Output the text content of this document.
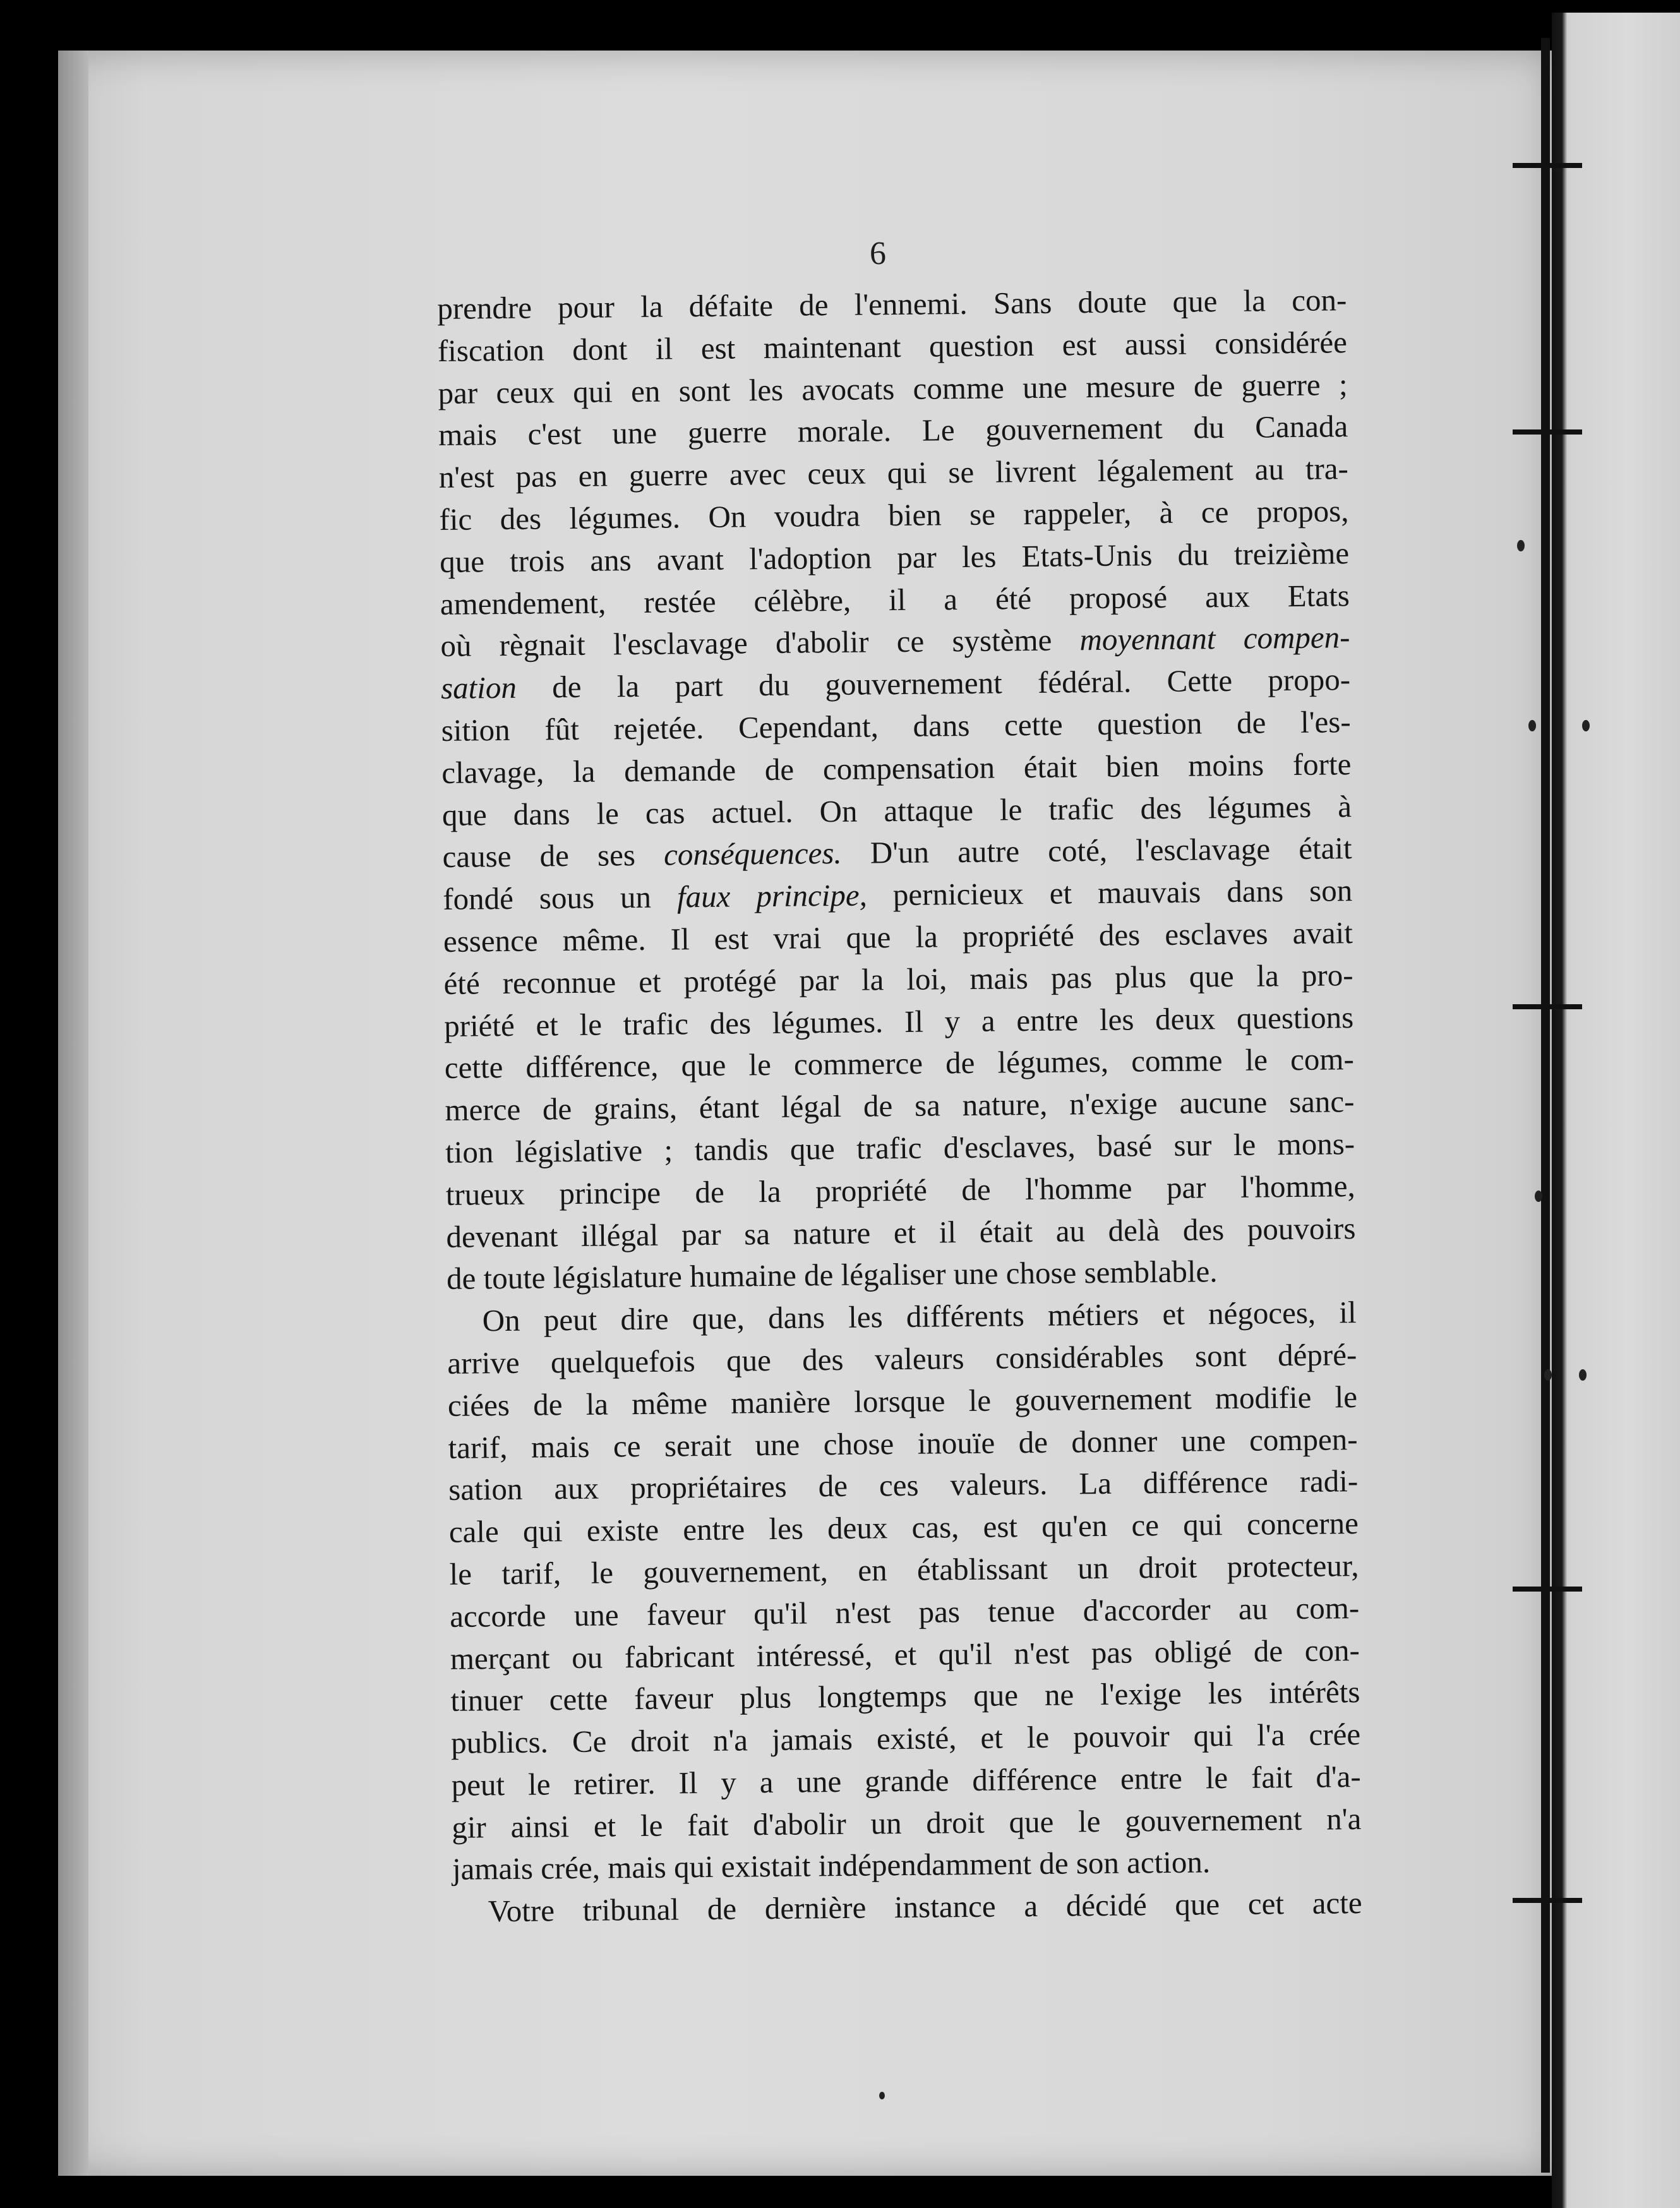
6
prendre pour la défaite de l'ennemi. Sans doute que la con-
fiscation dont il est maintenant question est aussi considérée
par ceux qui en sont les avocats comme une mesure de guerre ;
mais c'est une guerre morale. Le gouvernement du Canada
n'est pas en guerre avec ceux qui se livrent légalement au tra-
fic des légumes. On voudra bien se rappeler, à ce propos,
que trois ans avant l'adoption par les Etats-Unis du treizième
amendement, restée célèbre, il a été proposé aux Etats
où règnait l'esclavage d'abolir ce système moyennant compen-
sation de la part du gouvernement fédéral. Cette propo-
sition fût rejetée. Cependant, dans cette question de l'es-
clavage, la demande de compensation était bien moins forte
que dans le cas actuel. On attaque le trafic des légumes à
cause de ses conséquences. D'un autre coté, l'esclavage était
fondé sous un faux principe, pernicieux et mauvais dans son
essence même. Il est vrai que la propriété des esclaves avait
été reconnue et protégé par la loi, mais pas plus que la pro-
priété et le trafic des légumes. Il y a entre les deux questions
cette différence, que le commerce de légumes, comme le com-
merce de grains, étant légal de sa nature, n'exige aucune sanc-
tion législative ; tandis que trafic d'esclaves, basé sur le mons-
trueux principe de la propriété de l'homme par l'homme,
devenant illégal par sa nature et il était au delà des pouvoirs
de toute législature humaine de légaliser une chose semblable.
On peut dire que, dans les différents métiers et négoces, il
arrive quelquefois que des valeurs considérables sont dépré-
ciées de la même manière lorsque le gouvernement modifie le
tarif, mais ce serait une chose inouïe de donner une compen-
sation aux propriétaires de ces valeurs. La différence radi-
cale qui existe entre les deux cas, est qu'en ce qui concerne
le tarif, le gouvernement, en établissant un droit protecteur,
accorde une faveur qu'il n'est pas tenue d'accorder au com-
merçant ou fabricant intéressé, et qu'il n'est pas obligé de con-
tinuer cette faveur plus longtemps que ne l'exige les intérêts
publics. Ce droit n'a jamais existé, et le pouvoir qui l'a crée
peut le retirer. Il y a une grande différence entre le fait d'a-
gir ainsi et le fait d'abolir un droit que le gouvernement n'a
jamais crée, mais qui existait indépendamment de son action.
Votre tribunal de dernière instance a décidé que cet acte
